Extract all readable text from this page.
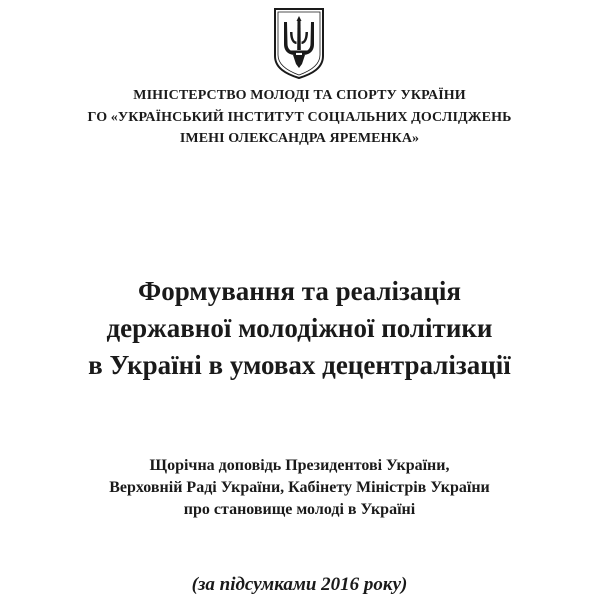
МІНІСТЕРСТВО МОЛОДІ ТА СПОРТУ УКРАЇНИ
ГО «УКРАЇНСЬКИЙ ІНСТИТУТ СОЦІАЛЬНИХ ДОСЛІДЖЕНЬ
ІМЕНІ ОЛЕКСАНДРА ЯРЕМЕНКА»
Формування та реалізація
державної молодіжної політики
в Україні в умовах децентралізації
Щорічна доповідь Президентові України,
Верховній Раді України, Кабінету Міністрів України
про становище молоді в Україні
(за підсумками 2016 року)
